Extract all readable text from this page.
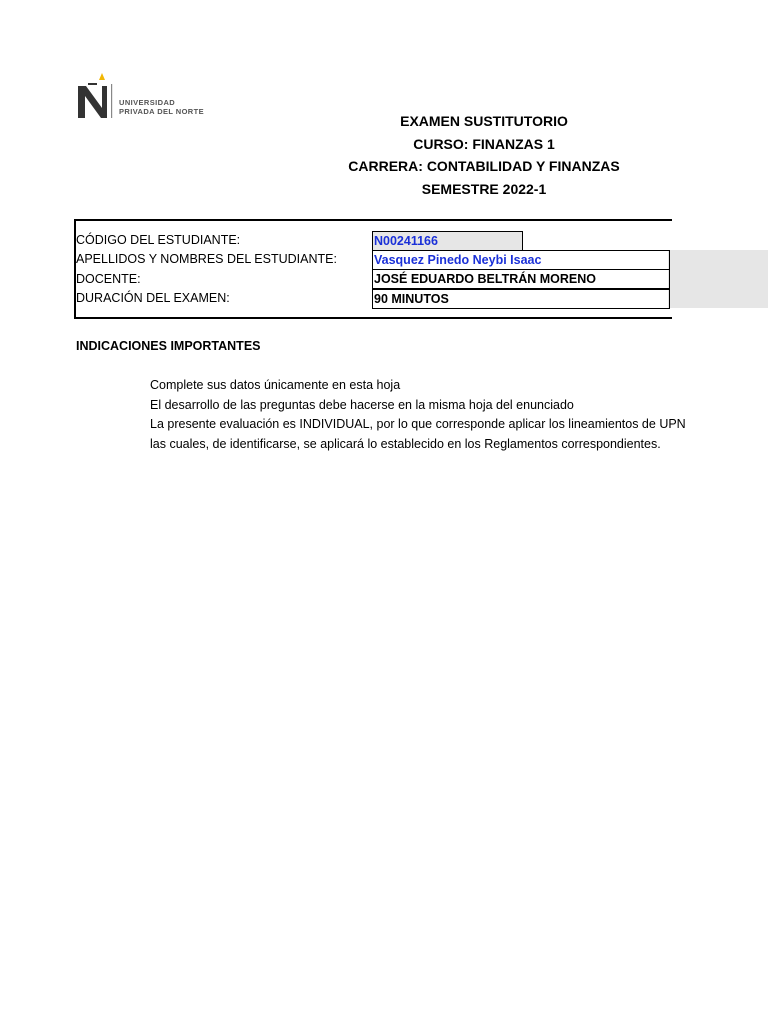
UNIVERSIDAD
PRIVADA DEL NORTE
EXAMEN SUSTITUTORIO
CURSO: FINANZAS 1
CARRERA: CONTABILIDAD Y FINANZAS
SEMESTRE 2022-1
CÓDIGO DEL ESTUDIANTE:
APELLIDOS Y NOMBRES DEL ESTUDIANTE:
DOCENTE:
DURACIÓN DEL EXAMEN:
N00241166
Vasquez Pinedo Neybi Isaac
JOSÉ EDUARDO BELTRÁN MORENO
90 MINUTOS
INDICACIONES IMPORTANTES
Complete sus datos únicamente en esta hoja
El desarrollo de las preguntas debe hacerse en la misma hoja del enunciado
La presente evaluación es INDIVIDUAL, por lo que corresponde aplicar los lineamientos de UPN
las cuales, de identificarse, se aplicará lo establecido en los Reglamentos correspondientes.
